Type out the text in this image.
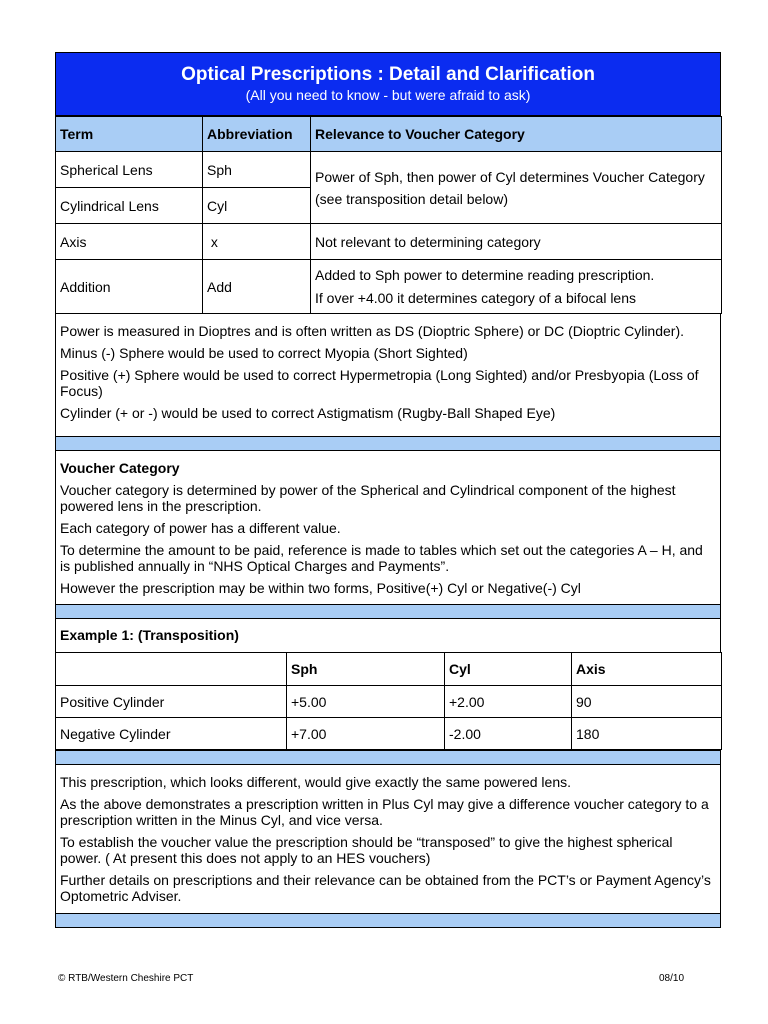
Optical Prescriptions : Detail and Clarification
(All you need to know - but were afraid to ask)
Term	Abbreviation	Relevance to Voucher Category
Spherical Lens	Sph	Power of Sph, then power of Cyl determines Voucher Category
(see transposition detail below)

Cylindrical Lens	Cyl	
Axis	x	Not relevant to determining category
Addition	Add	Added to Sph power to determine reading prescription.
If over +4.00 it determines category of a bifocal lens

Power is measured in Dioptres and is often written as DS (Dioptric Sphere) or DC (Dioptric Cylinder).

Minus (-) Sphere would be used to correct Myopia (Short Sighted)

Positive (+) Sphere would be used to correct Hypermetropia (Long Sighted) and/or Presbyopia (Loss of Focus)

Cylinder (+ or -) would be used to correct Astigmatism (Rugby-Ball Shaped Eye)

Voucher Category

Voucher category is determined by power of the Spherical and Cylindrical component of the highest powered lens in the prescription.

Each category of power has a different value.

To determine the amount to be paid, reference is made to tables which set out the categories A – H, and is published annually in “NHS Optical Charges and Payments”.

However the prescription may be within two forms, Positive(+) Cyl or Negative(-) Cyl

Example 1: (Transposition)

	Sph	Cyl	Axis
Positive Cylinder	+5.00	+2.00	90
Negative Cylinder	+7.00	-2.00	180

This prescription, which looks different, would give exactly the same powered lens.

As the above demonstrates a prescription written in Plus Cyl may give a difference voucher category to a prescription written in the Minus Cyl, and vice versa.

To establish the voucher value the prescription should be “transposed” to give the highest spherical power. ( At present this does not apply to an HES vouchers)

Further details on prescriptions and their relevance can be obtained from the PCT’s or Payment Agency’s Optometric Adviser.

© RTB/Western Cheshire PCT	08/10
